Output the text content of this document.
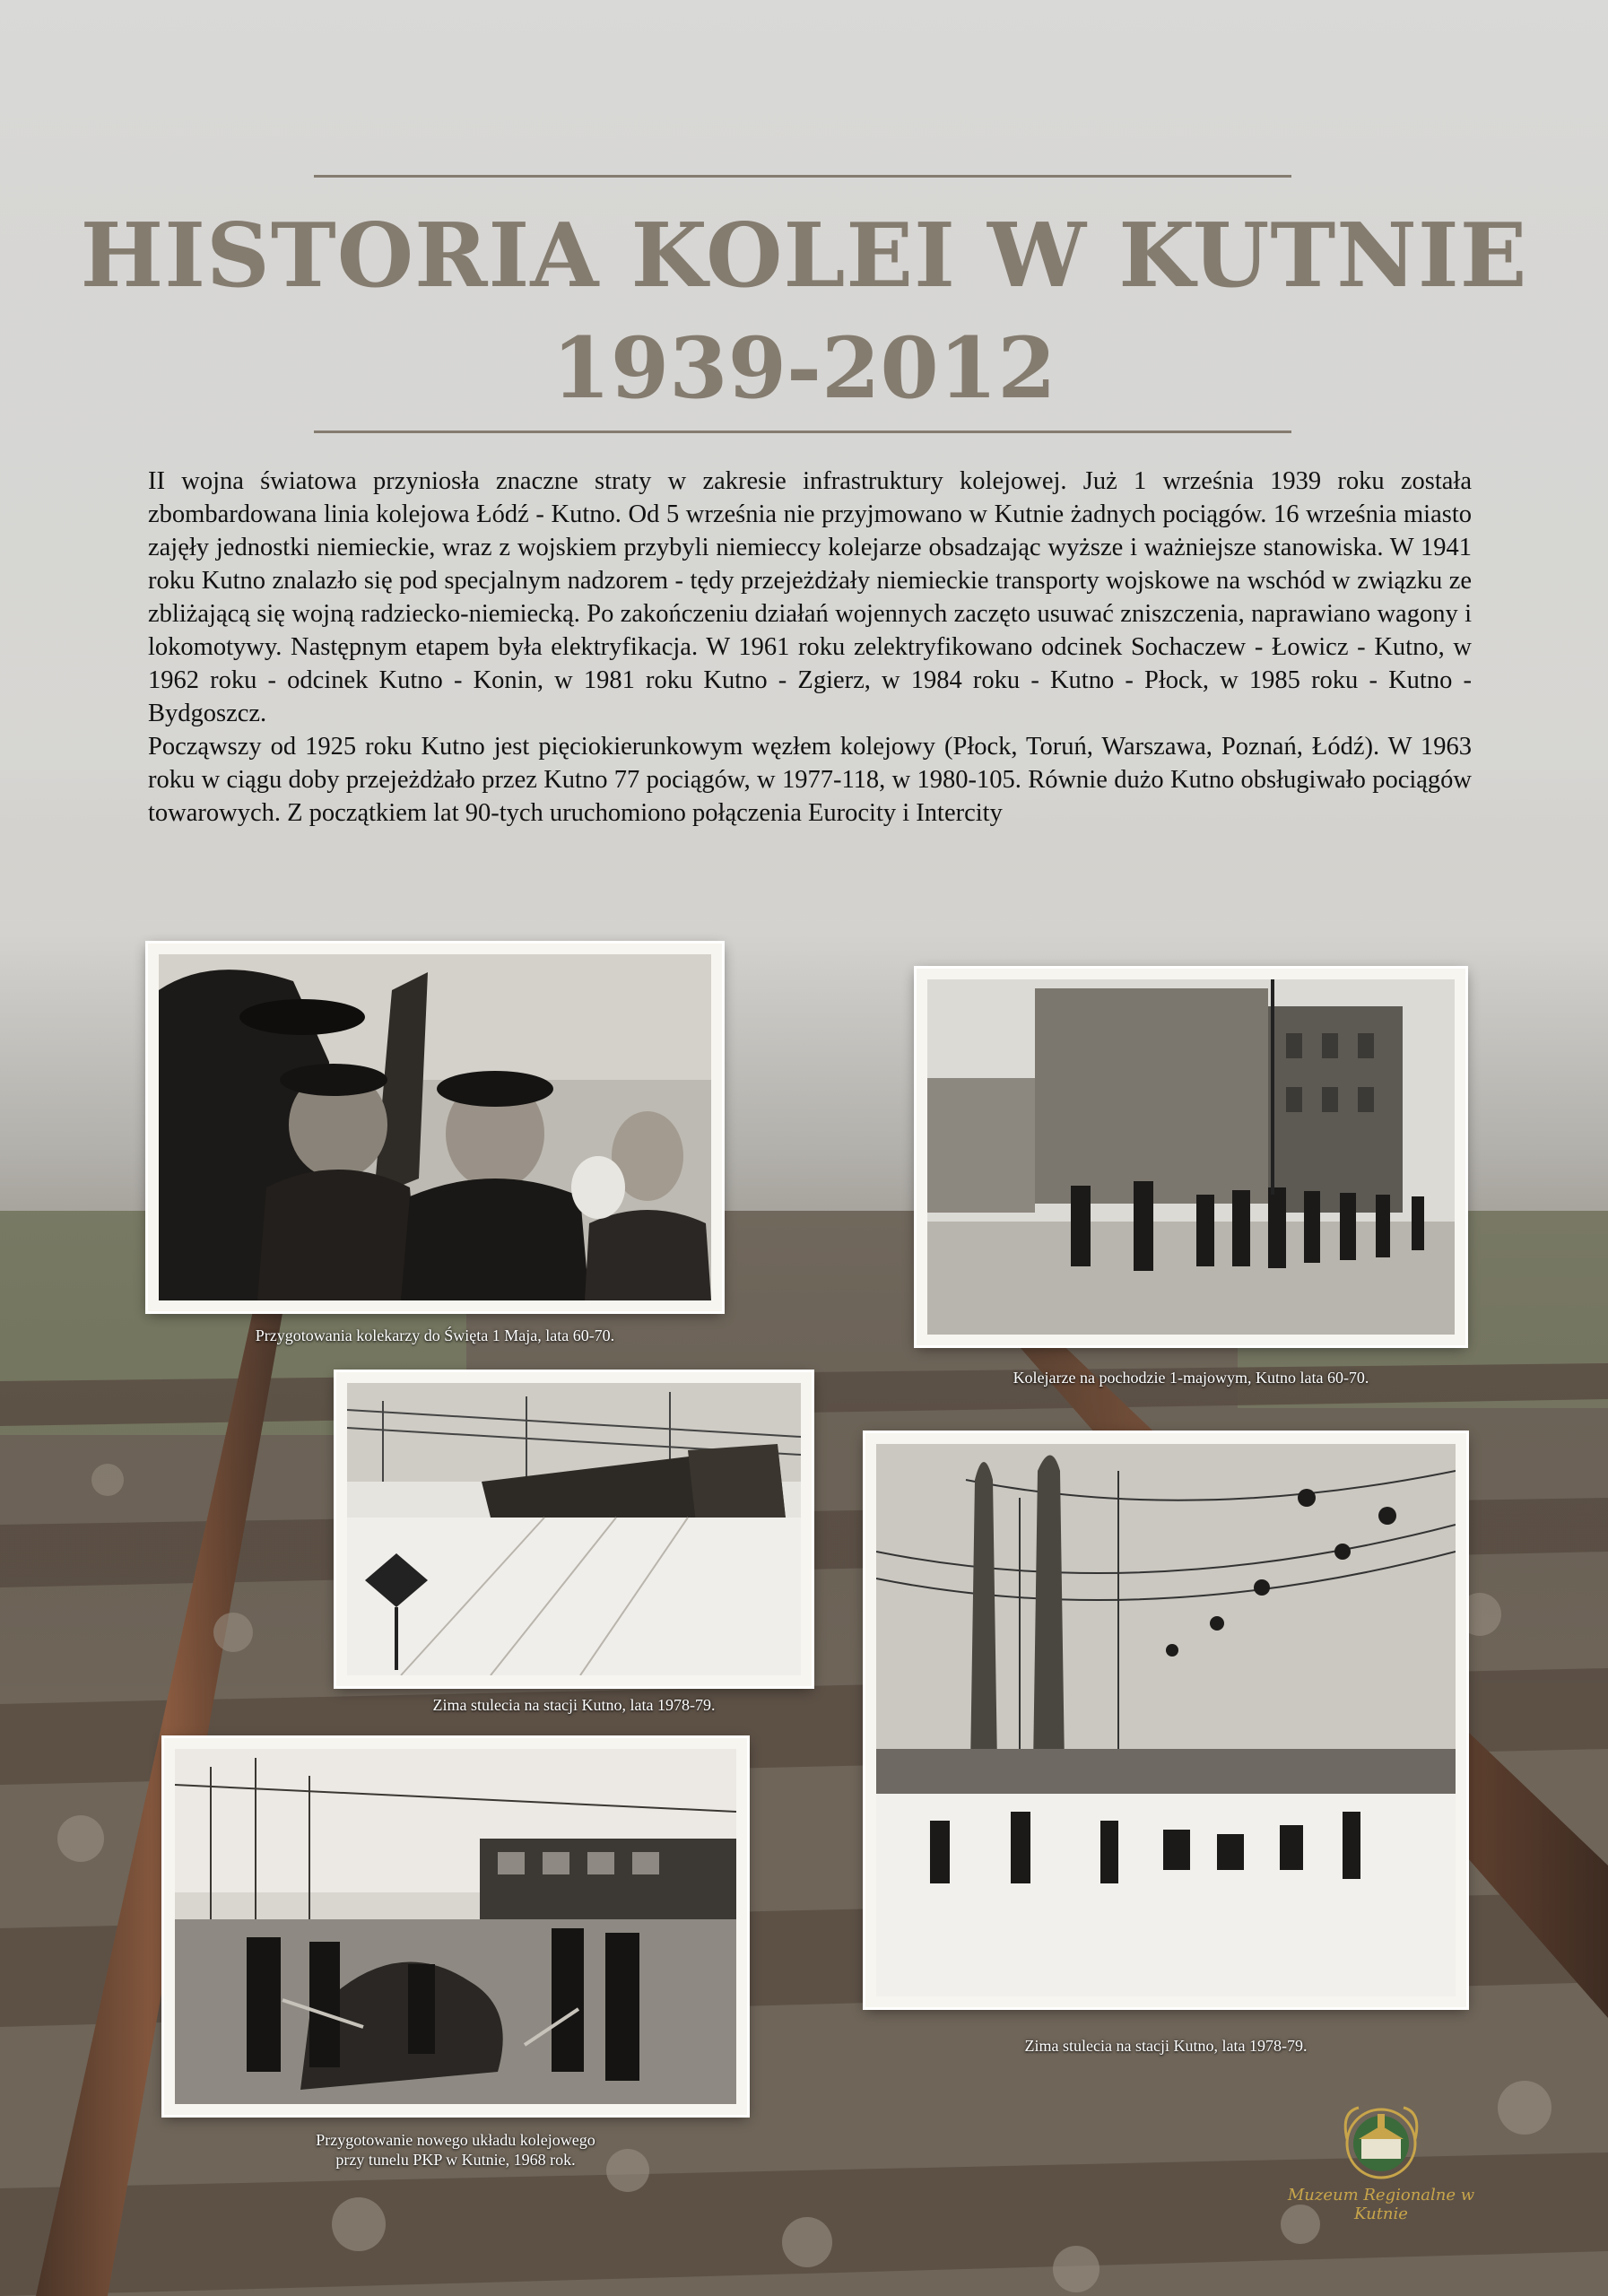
HISTORIA KOLEI W KUTNIE
1939-2012

II wojna światowa przyniosła znaczne straty w zakresie infrastruktury kolejowej. Już 1 września 1939 roku została zbombardowana linia kolejowa Łódź - Kutno. Od 5 września nie przyjmowano w Kutnie żadnych pociągów. 16 września miasto zajęły jednostki niemieckie, wraz z wojskiem przybyli niemieccy kolejarze obsadzając wyższe i ważniejsze stanowiska. W 1941 roku Kutno znalazło się pod specjalnym nadzorem - tędy przejeżdżały niemieckie transporty wojskowe na wschód w związku ze zbliżającą się wojną radziecko-niemiecką. Po zakończeniu działań wojennych zaczęto usuwać zniszczenia, naprawiano wagony i lokomotywy. Następnym etapem była elektryfikacja. W 1961 roku zelektryfikowano odcinek Sochaczew - Łowicz - Kutno, w 1962 roku - odcinek Kutno - Konin, w 1981 roku Kutno - Zgierz, w 1984 roku - Kutno - Płock, w 1985 roku - Kutno - Bydgoszcz.

Począwszy od 1925 roku Kutno jest pięciokierunkowym węzłem kolejowy (Płock, Toruń, Warszawa, Poznań, Łódź). W 1963 roku w ciągu doby przejeżdżało przez Kutno 77 pociągów, w 1977-118, w 1980-105. Równie dużo Kutno obsługiwało pociągów towarowych. Z początkiem lat 90-tych uruchomiono połączenia Eurocity i Intercity

Przygotowania kolekarzy do Święta 1 Maja, lata 60-70.
Kolejarze na pochodzie 1-majowym, Kutno lata 60-70.
Zima stulecia na stacji Kutno, lata 1978-79.
Zima stulecia na stacji Kutno, lata 1978-79.
Przygotowanie nowego układu kolejowego
przy tunelu PKP w Kutnie, 1968 rok.
Muzeum Regionalne w Kutnie
